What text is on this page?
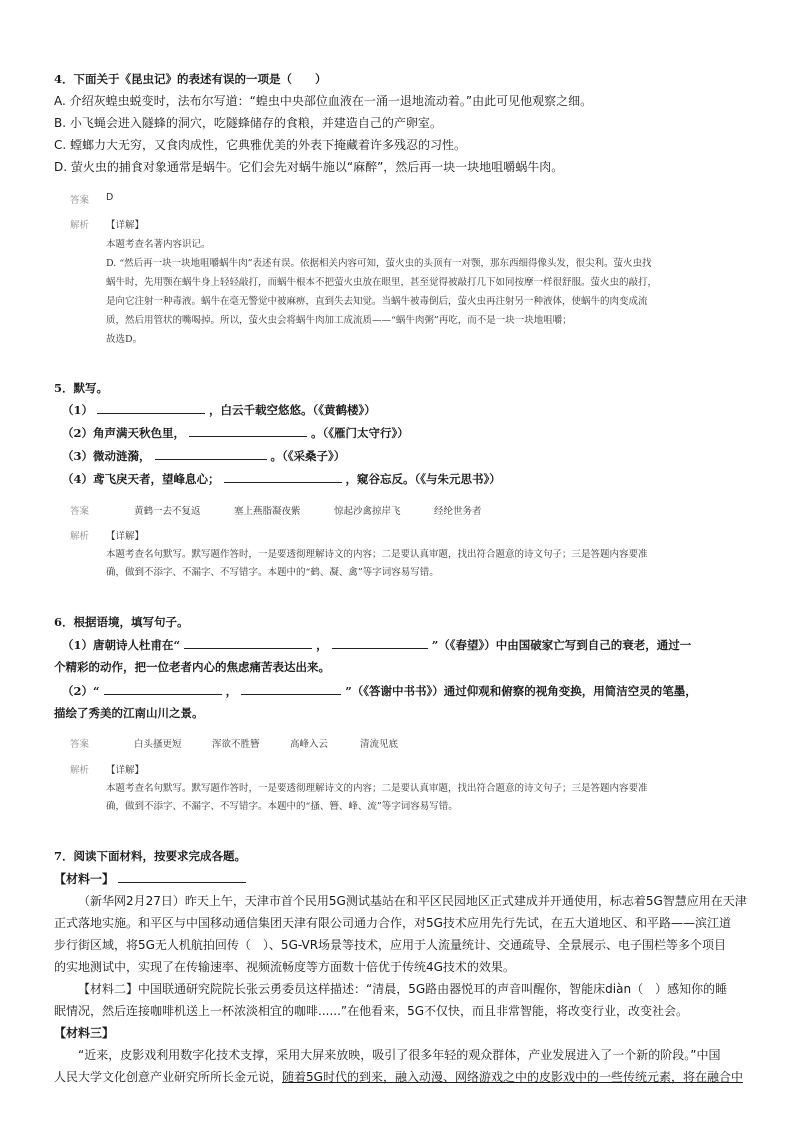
4．下面关于《昆虫记》的表述有误的一项是（　　）
A. 介绍灰蝗虫蜕变时，法布尔写道：“蝗虫中央部位血液在一涌一退地流动着。”由此可见他观察之细。
B. 小飞蝇会进入隧蜂的洞穴，吃隧蜂储存的食粮，并建造自己的产卵室。
C. 螳螂力大无穷，又食肉成性，它典雅优美的外表下掩藏着许多残忍的习性。
D. 萤火虫的捕食对象通常是蜗牛。它们会先对蜗牛施以“麻醉”，然后再一块一块地咀嚼蜗牛肉。
答案 D
解析 【详解】
本题考查名著内容识记。
D. “然后再一块一块地咀嚼蜗牛肉”表述有误。依据相关内容可知，萤火虫的头顶有一对颚，那东西细得像头发，很尖利。萤火虫找
蜗牛时，先用颚在蜗牛身上轻轻敲打，而蜗牛根本不把萤火虫放在眼里，甚至觉得被敲打几下如同按摩一样很舒服。萤火虫的敲打，
是向它注射一种毒液。蜗牛在毫无警觉中被麻痹，直到失去知觉。当蜗牛被毒倒后，萤火虫再注射另一种液体，使蜗牛的肉变成流
质，然后用管状的嘴喝掉。所以，萤火虫会将蜗牛肉加工成流质——“蜗牛肉粥”再吃，而不是一块一块地咀嚼；
故选D。
5．默写。
（1）	，白云千载空悠悠。（《黄鹤楼》）
（2）角声满天秋色里，	。（《雁门太守行》）
（3）微动涟漪，	。（《采桑子》）
（4）鸢飞戾天者，望峰息心；	，窥谷忘反。（《与朱元思书》）
答案	黄鹤一去不复返	塞上燕脂凝夜紫	惊起沙禽掠岸飞	经纶世务者
解析 【详解】
本题考查名句默写。默写题作答时，一是要透彻理解诗文的内容；二是要认真审题，找出符合题意的诗文句子；三是答题内容要准
确，做到不添字、不漏字、不写错字。本题中的“鹤、凝、禽”等字词容易写错。
6．根据语境，填写句子。
（1）唐朝诗人杜甫在“	，	”（《春望》）中由国破家亡写到自己的衰老，通过一
个精彩的动作，把一位老者内心的焦虑痛苦表达出来。
（2）“	，	”（《答谢中书书》）通过仰观和俯察的视角变换，用简洁空灵的笔墨，
描绘了秀美的江南山川之景。
答案	白头搔更短	浑欲不胜簪	高峰入云	清流见底
解析 【详解】
本题考查名句默写。默写题作答时，一是要透彻理解诗文的内容；二是要认真审题，找出符合题意的诗文句子；三是答题内容要准
确，做到不添字、不漏字、不写错字。本题中的“搔、簪、峰、流”等字词容易写错。
7．阅读下面材料，按要求完成各题。
【材料一】
（新华网2月27日）昨天上午，天津市首个民用5G测试基站在和平区民园地区正式建成并开通使用，标志着5G智慧应用在天津
正式落地实施。和平区与中国移动通信集团天津有限公司通力合作，对5G技术应用先行先试，在五大道地区、和平路——滨江道
步行街区域，将5G无人机航拍回传（　）、5G-VR场景等技术，应用于人流量统计、交通疏导、全景展示、电子围栏等多个项目
的实地测试中，实现了在传输速率、视频流畅度等方面数十倍优于传统4G技术的效果。
【材料二】中国联通研究院院长张云勇委员这样描述：“清晨，5G路由器悦耳的声音叫醒你，智能床diàn（　）感知你的睡
眠情况，然后连接咖啡机送上一杯浓淡相宜的咖啡......”在他看来，5G不仅快，而且非常智能，将改变行业，改变社会。
【材料三】
“近来，皮影戏利用数字化技术支撑，采用大屏来放映，吸引了很多年轻的观众群体，产业发展进入了一个新的阶段。”中国
人民大学文化创意产业研究所所长金元说，随着5G时代的到来，融入动漫、网络游戏之中的皮影戏中的一些传统元素，将在融合中
